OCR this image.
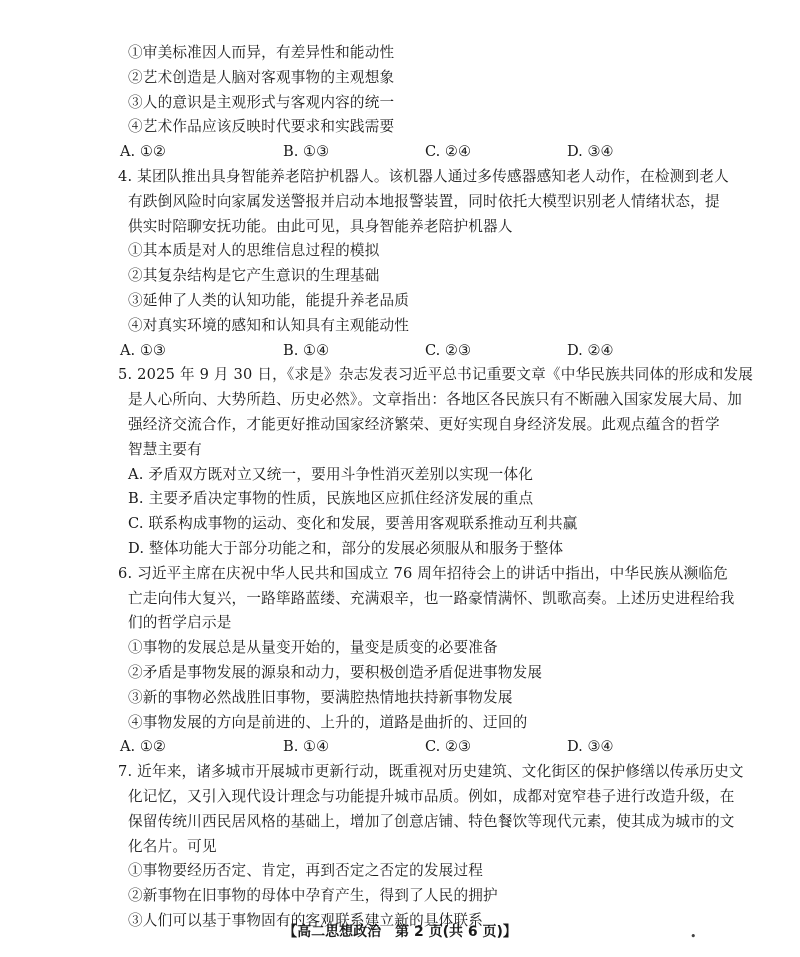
①审美标准因人而异，有差异性和能动性
②艺术创造是人脑对客观事物的主观想象
③人的意识是主观形式与客观内容的统一
④艺术作品应该反映时代要求和实践需要
A. ①②	B. ①③	C. ②④	D. ③④
4. 某团队推出具身智能养老陪护机器人。该机器人通过多传感器感知老人动作，在检测到老人
有跌倒风险时向家属发送警报并启动本地报警装置，同时依托大模型识别老人情绪状态，提
供实时陪聊安抚功能。由此可见，具身智能养老陪护机器人
①其本质是对人的思维信息过程的模拟
②其复杂结构是它产生意识的生理基础
③延伸了人类的认知功能，能提升养老品质
④对真实环境的感知和认知具有主观能动性
A. ①③	B. ①④	C. ②③	D. ②④
5. 2025 年 9 月 30 日，《求是》杂志发表习近平总书记重要文章《中华民族共同体的形成和发展
是人心所向、大势所趋、历史必然》。文章指出：各地区各民族只有不断融入国家发展大局、加
强经济交流合作，才能更好推动国家经济繁荣、更好实现自身经济发展。此观点蕴含的哲学
智慧主要有
A. 矛盾双方既对立又统一，要用斗争性消灭差别以实现一体化
B. 主要矛盾决定事物的性质，民族地区应抓住经济发展的重点
C. 联系构成事物的运动、变化和发展，要善用客观联系推动互利共赢
D. 整体功能大于部分功能之和，部分的发展必须服从和服务于整体
6. 习近平主席在庆祝中华人民共和国成立 76 周年招待会上的讲话中指出，中华民族从濒临危
亡走向伟大复兴，一路筚路蓝缕、充满艰辛，也一路豪情满怀、凯歌高奏。上述历史进程给我
们的哲学启示是
①事物的发展总是从量变开始的，量变是质变的必要准备
②矛盾是事物发展的源泉和动力，要积极创造矛盾促进事物发展
③新的事物必然战胜旧事物，要满腔热情地扶持新事物发展
④事物发展的方向是前进的、上升的，道路是曲折的、迂回的
A. ①②	B. ①④	C. ②③	D. ③④
7. 近年来，诸多城市开展城市更新行动，既重视对历史建筑、文化街区的保护修缮以传承历史文
化记忆，又引入现代设计理念与功能提升城市品质。例如，成都对宽窄巷子进行改造升级，在
保留传统川西民居风格的基础上，增加了创意店铺、特色餐饮等现代元素，使其成为城市的文
化名片。可见
①事物要经历否定、肯定，再到否定之否定的发展过程
②新事物在旧事物的母体中孕育产生，得到了人民的拥护
③人们可以基于事物固有的客观联系建立新的具体联系
【高二思想政治　第 2 页(共 6 页)】	•
